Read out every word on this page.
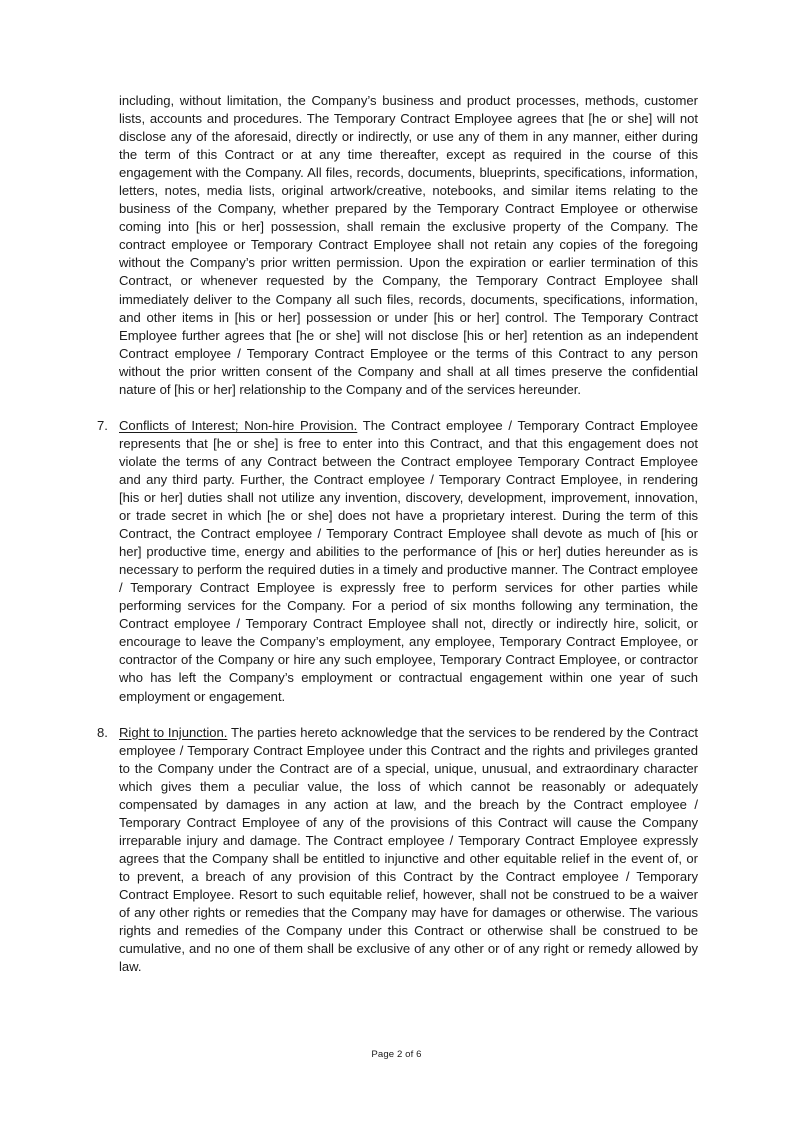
including, without limitation, the Company’s business and product processes, methods, customer lists, accounts and procedures. The Temporary Contract Employee agrees that [he or she] will not disclose any of the aforesaid, directly or indirectly, or use any of them in any manner, either during the term of this Contract or at any time thereafter, except as required in the course of this engagement with the Company. All files, records, documents, blueprints, specifications, information, letters, notes, media lists, original artwork/creative, notebooks, and similar items relating to the business of the Company, whether prepared by the Temporary Contract Employee or otherwise coming into [his or her] possession, shall remain the exclusive property of the Company. The contract employee or Temporary Contract Employee shall not retain any copies of the foregoing without the Company’s prior written permission. Upon the expiration or earlier termination of this Contract, or whenever requested by the Company, the Temporary Contract Employee shall immediately deliver to the Company all such files, records, documents, specifications, information, and other items in [his or her] possession or under [his or her] control. The Temporary Contract Employee further agrees that [he or she] will not disclose [his or her] retention as an independent Contract employee / Temporary Contract Employee or the terms of this Contract to any person without the prior written consent of the Company and shall at all times preserve the confidential nature of [his or her] relationship to the Company and of the services hereunder.

7. Conflicts of Interest; Non-hire Provision. The Contract employee / Temporary Contract Employee represents that [he or she] is free to enter into this Contract, and that this engagement does not violate the terms of any Contract between the Contract employee Temporary Contract Employee and any third party. Further, the Contract employee / Temporary Contract Employee, in rendering [his or her] duties shall not utilize any invention, discovery, development, improvement, innovation, or trade secret in which [he or she] does not have a proprietary interest. During the term of this Contract, the Contract employee / Temporary Contract Employee shall devote as much of [his or her] productive time, energy and abilities to the performance of [his or her] duties hereunder as is necessary to perform the required duties in a timely and productive manner. The Contract employee / Temporary Contract Employee is expressly free to perform services for other parties while performing services for the Company. For a period of six months following any termination, the Contract employee / Temporary Contract Employee shall not, directly or indirectly hire, solicit, or encourage to leave the Company’s employment, any employee, Temporary Contract Employee, or contractor of the Company or hire any such employee, Temporary Contract Employee, or contractor who has left the Company’s employment or contractual engagement within one year of such employment or engagement.
8. Right to Injunction. The parties hereto acknowledge that the services to be rendered by the Contract employee / Temporary Contract Employee under this Contract and the rights and privileges granted to the Company under the Contract are of a special, unique, unusual, and extraordinary character which gives them a peculiar value, the loss of which cannot be reasonably or adequately compensated by damages in any action at law, and the breach by the Contract employee / Temporary Contract Employee of any of the provisions of this Contract will cause the Company irreparable injury and damage. The Contract employee / Temporary Contract Employee expressly agrees that the Company shall be entitled to injunctive and other equitable relief in the event of, or to prevent, a breach of any provision of this Contract by the Contract employee / Temporary Contract Employee. Resort to such equitable relief, however, shall not be construed to be a waiver of any other rights or remedies that the Company may have for damages or otherwise. The various rights and remedies of the Company under this Contract or otherwise shall be construed to be cumulative, and no one of them shall be exclusive of any other or of any right or remedy allowed by law.
Page 2 of 6
